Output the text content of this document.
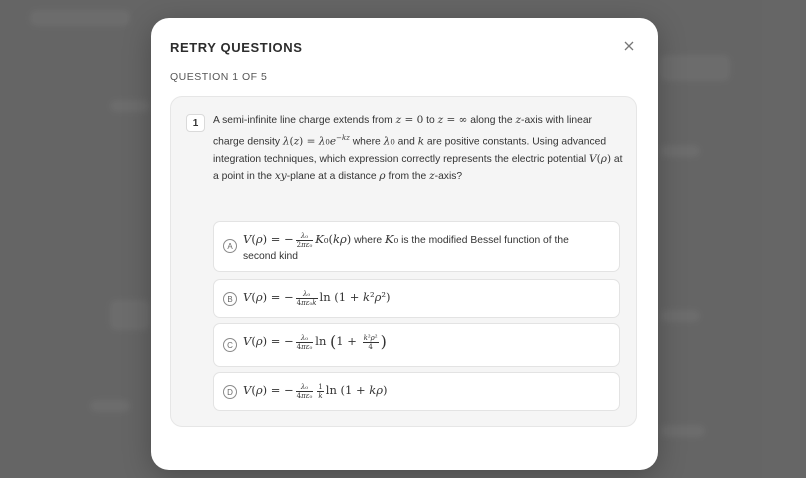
RETRY QUESTIONS
QUESTION 1 OF 5
1	A semi-infinite line charge extends from z = 0 to z = ∞ along the z-axis with linear charge density $\lambda(z) = \lambda 0e^{-kz}$ where λ0 and k are positive constants. Using advanced integration techniques, which expression correctly represents the electric potential V(ρ) at a point in the xy-plane at a distance ρ from the z-axis?
A V(ρ) = − $\frac{\text{λ₀}}{\text{2πε₀}} K_0(k\rho)$ where K₀ is the modified Bessel function of the second kind
B V(ρ) = − $\frac{\text{λ₀}}{\text{4πε₀k}}$ ln (1 + k²ρ²)
C V(ρ) = − $\frac{\text{λ₀}}{\text{4πε₀}}$ $\ln (1 + \frac{\text{k²ρ²}}{4}$ )
D V(ρ) = − $\frac{\text{λ₀}}{\text{4πε₀}} \frac{1}{k}$ ln (1 + kρ)
